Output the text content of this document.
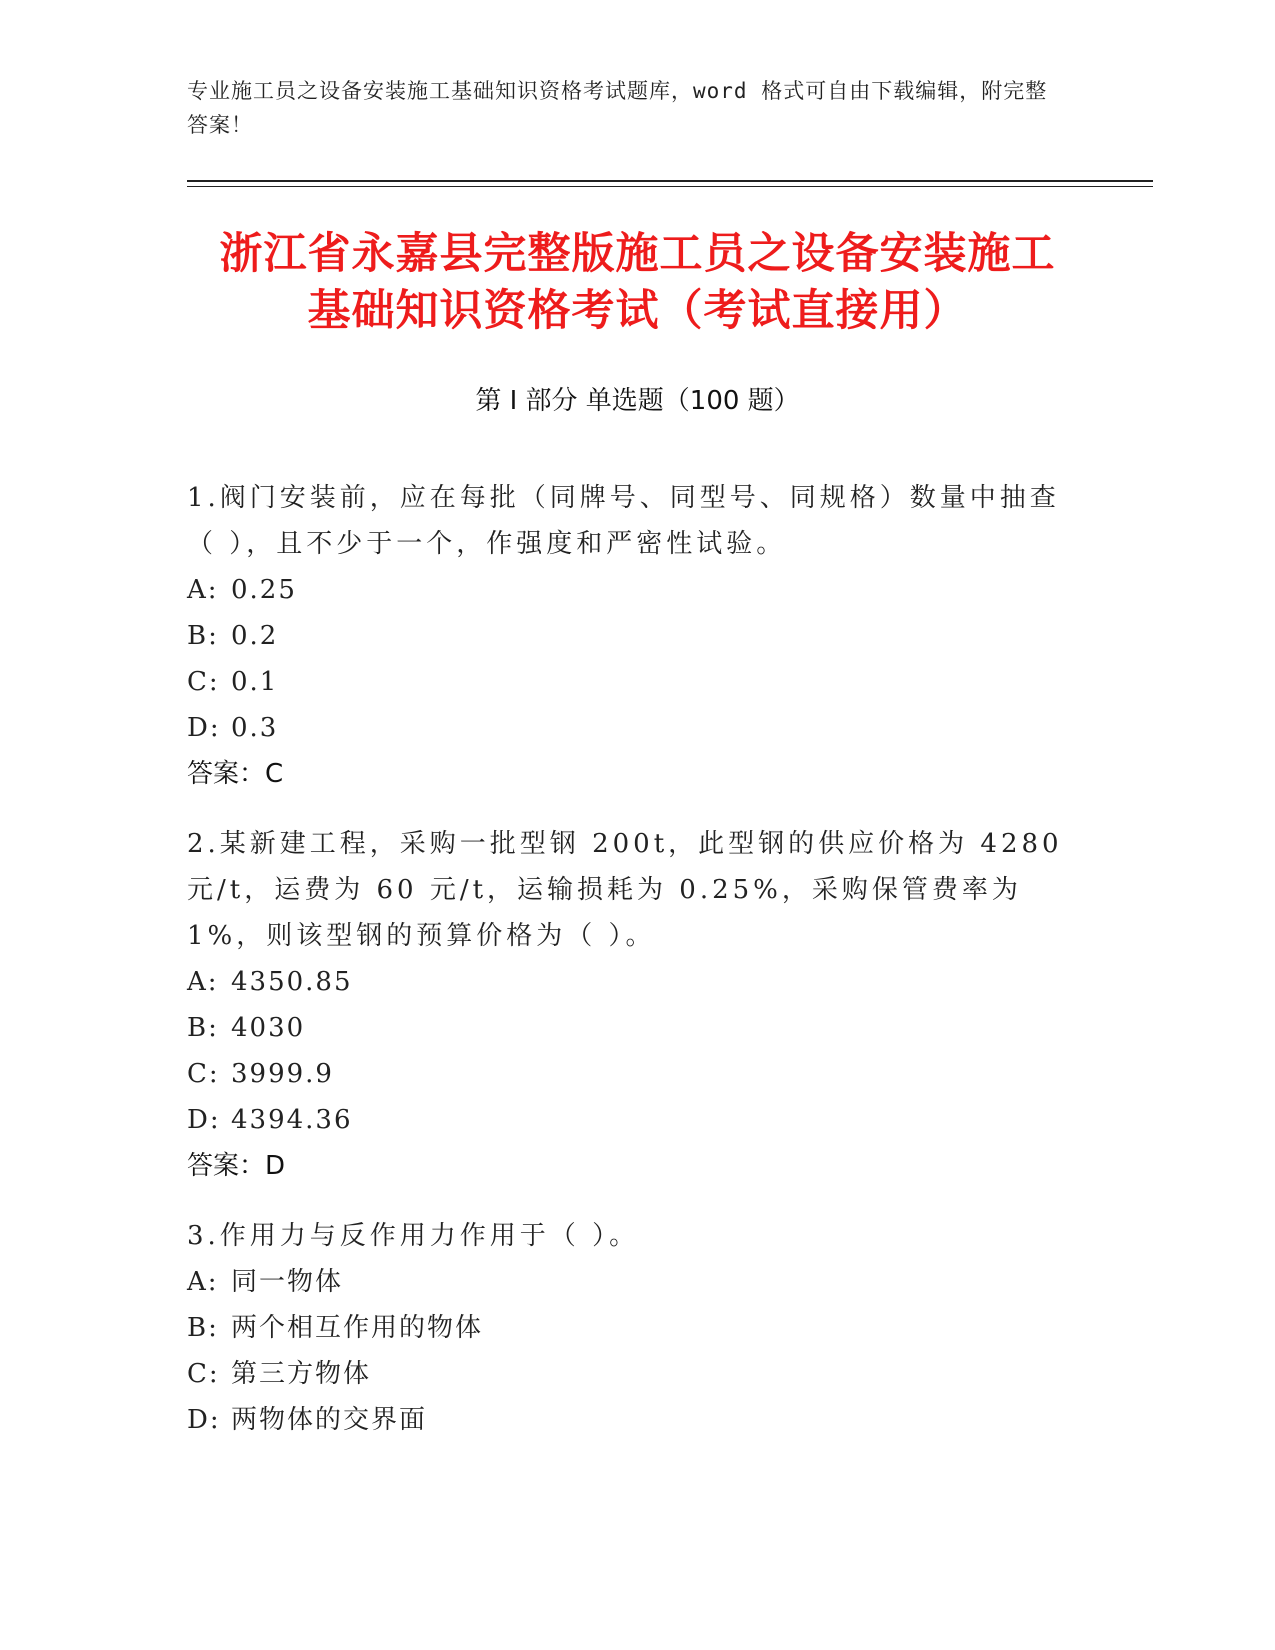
专业施工员之设备安装施工基础知识资格考试题库，word 格式可自由下载编辑，附完整答案！
浙江省永嘉县完整版施工员之设备安装施工
基础知识资格考试（考试直接用）
第 I 部分 单选题（100 题）
1.阀门安装前，应在每批（同牌号、同型号、同规格）数量中抽查（ ），且不少于一个，作强度和严密性试验。
A: 0.25
B: 0.2
C: 0.1
D: 0.3
答案：C
2.某新建工程，采购一批型钢 200t，此型钢的供应价格为 4280 元/t，运费为 60 元/t，运输损耗为 0.25%，采购保管费率为 1%，则该型钢的预算价格为（ ）。
A: 4350.85
B: 4030
C: 3999.9
D: 4394.36
答案：D
3.作用力与反作用力作用于（ ）。
A: 同一物体
B: 两个相互作用的物体
C: 第三方物体
D: 两物体的交界面
